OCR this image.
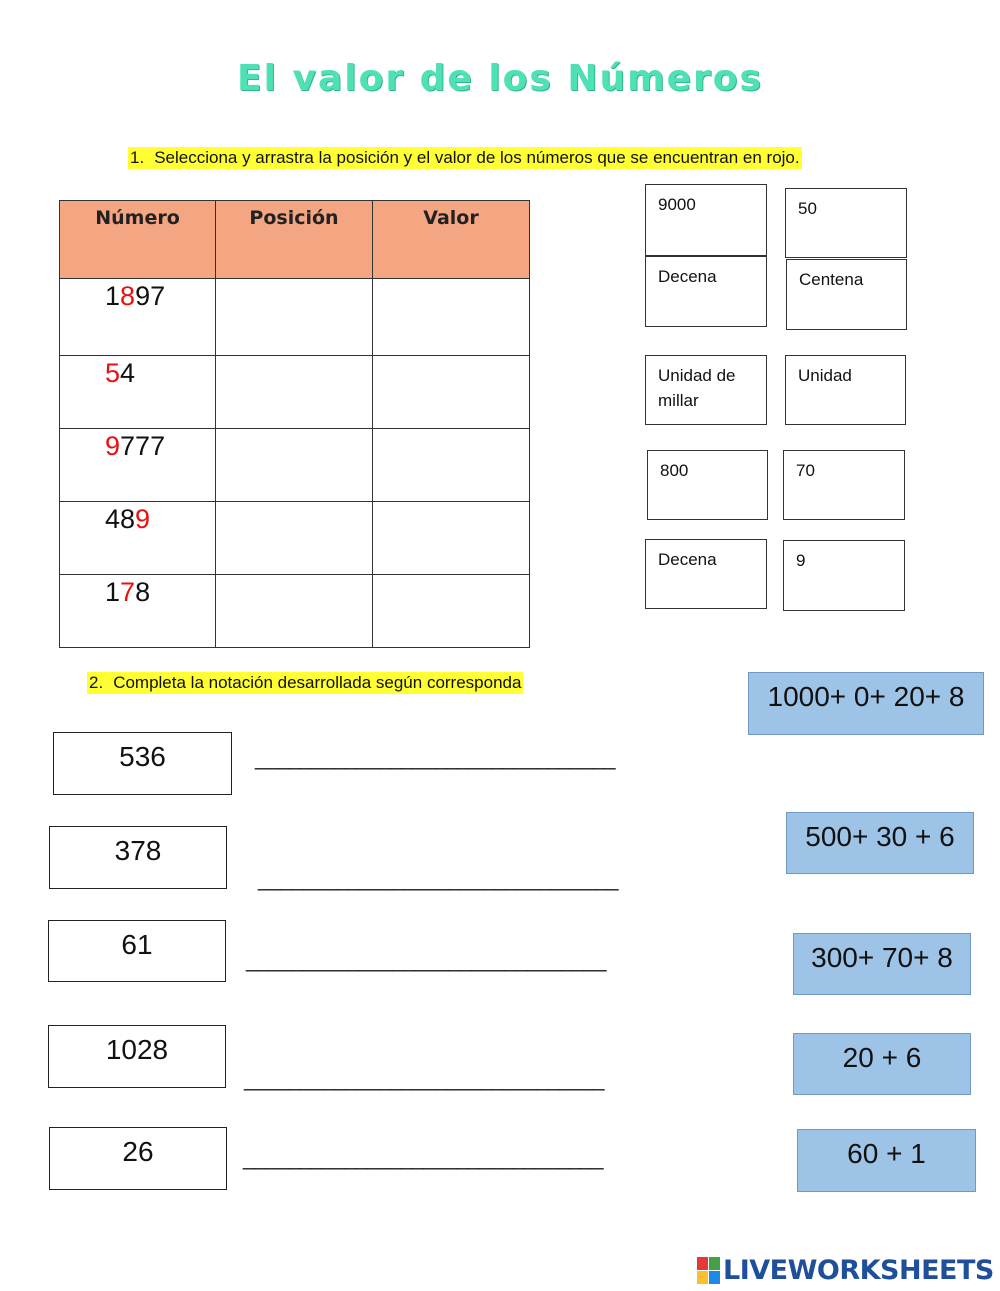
El valor de los Números
1. Selecciona y arrastra la posición y el valor de los números que se encuentran en rojo.
Número	Posición	Valor
1897		
54		
9777		
489		
178		
9000	50
Decena	Centena
Unidad de millar
Unidad
800	70
Decena	9
2. Completa la notación desarrollada según corresponda
536
378
61
1028
26
________________________________
________________________________
________________________________
________________________________
________________________________
1000+ 0+ 20+ 8
500+ 30 + 6
300+ 70+ 8
20 + 6
60 + 1
LIVEWORKSHEETS
